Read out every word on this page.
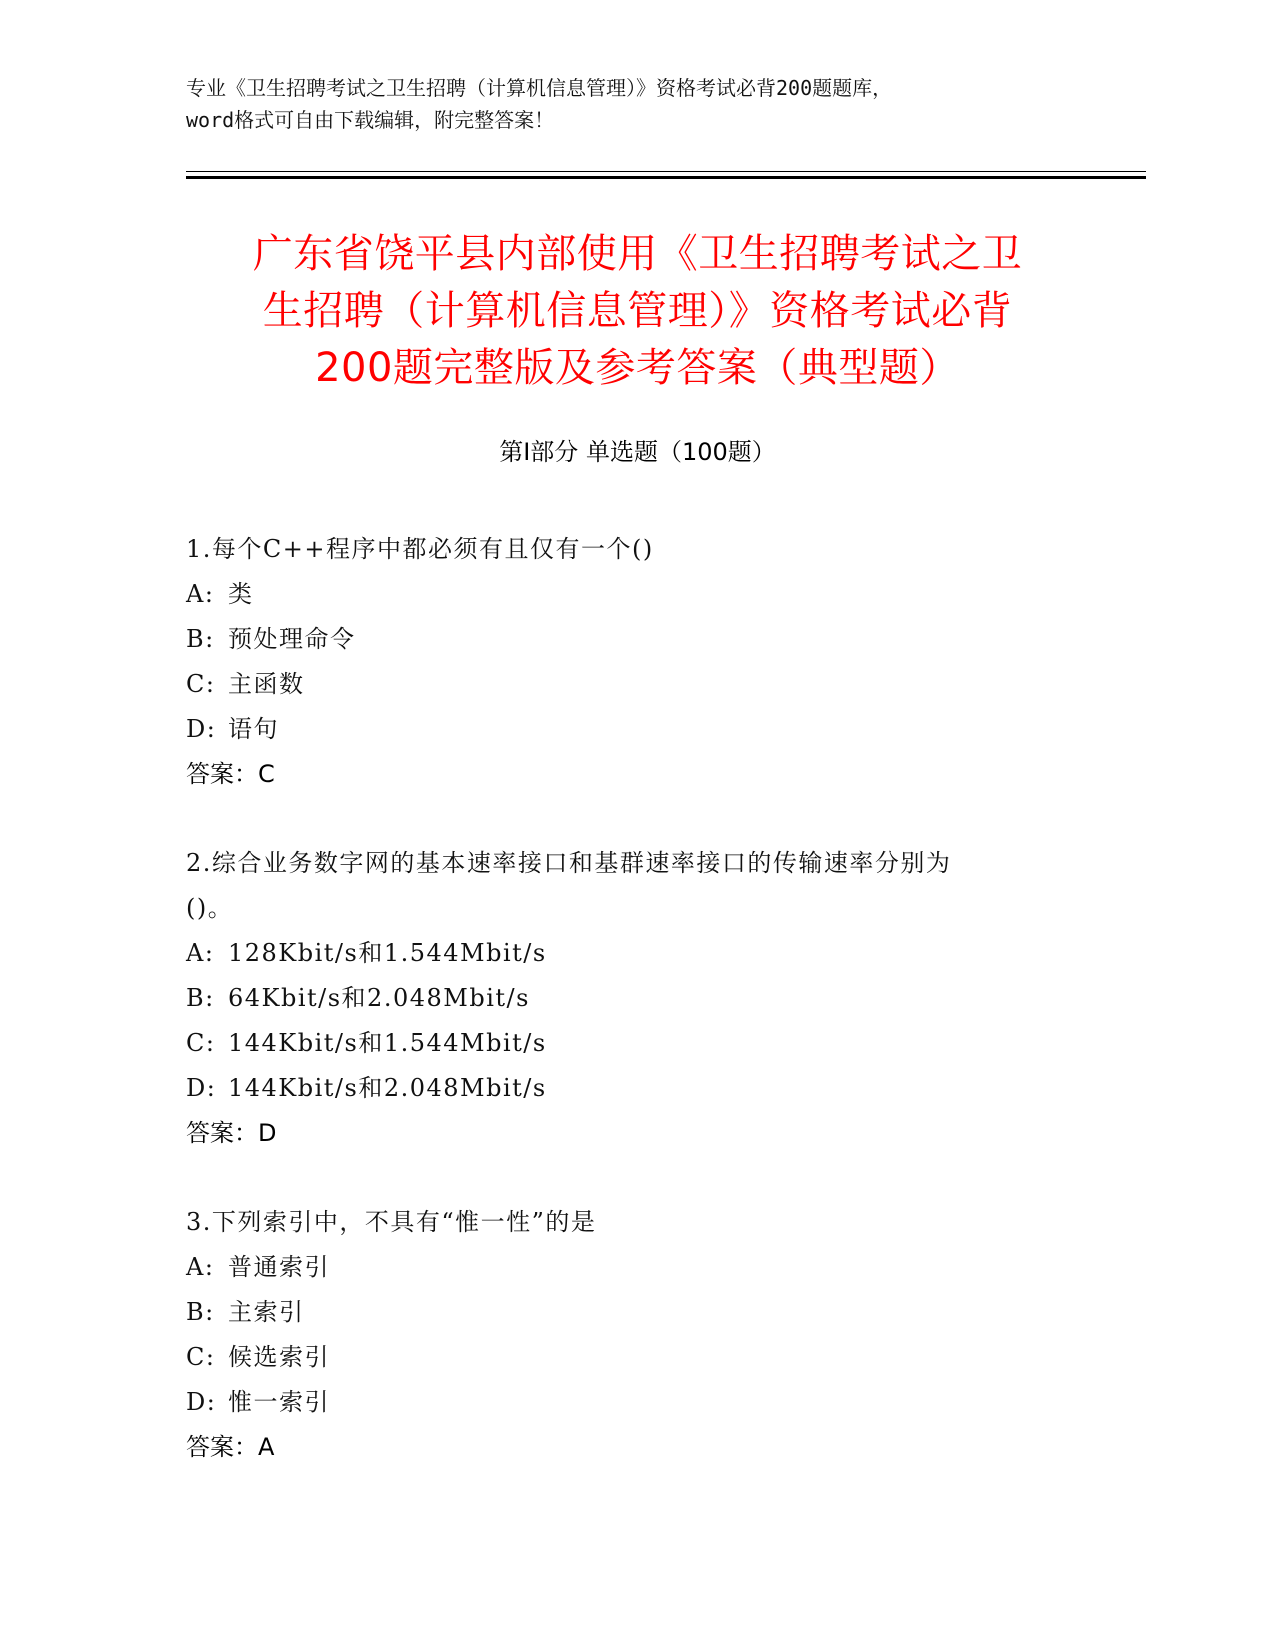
专业《卫生招聘考试之卫生招聘（计算机信息管理）》资格考试必背200题题库，
word格式可自由下载编辑，附完整答案！
广东省饶平县内部使用《卫生招聘考试之卫
生招聘（计算机信息管理）》资格考试必背
200题完整版及参考答案（典型题）
第Ⅰ部分 单选题（100题）
1.每个C++程序中都必须有且仅有一个()
A: 类
B: 预处理命令
C: 主函数
D: 语句
答案：C
2.综合业务数字网的基本速率接口和基群速率接口的传输速率分别为
()。
A: 128Kbit/s和1.544Mbit/s
B: 64Kbit/s和2.048Mbit/s
C: 144Kbit/s和1.544Mbit/s
D: 144Kbit/s和2.048Mbit/s
答案：D
3.下列索引中，不具有“惟一性”的是
A: 普通索引
B: 主索引
C: 候选索引
D: 惟一索引
答案：A
